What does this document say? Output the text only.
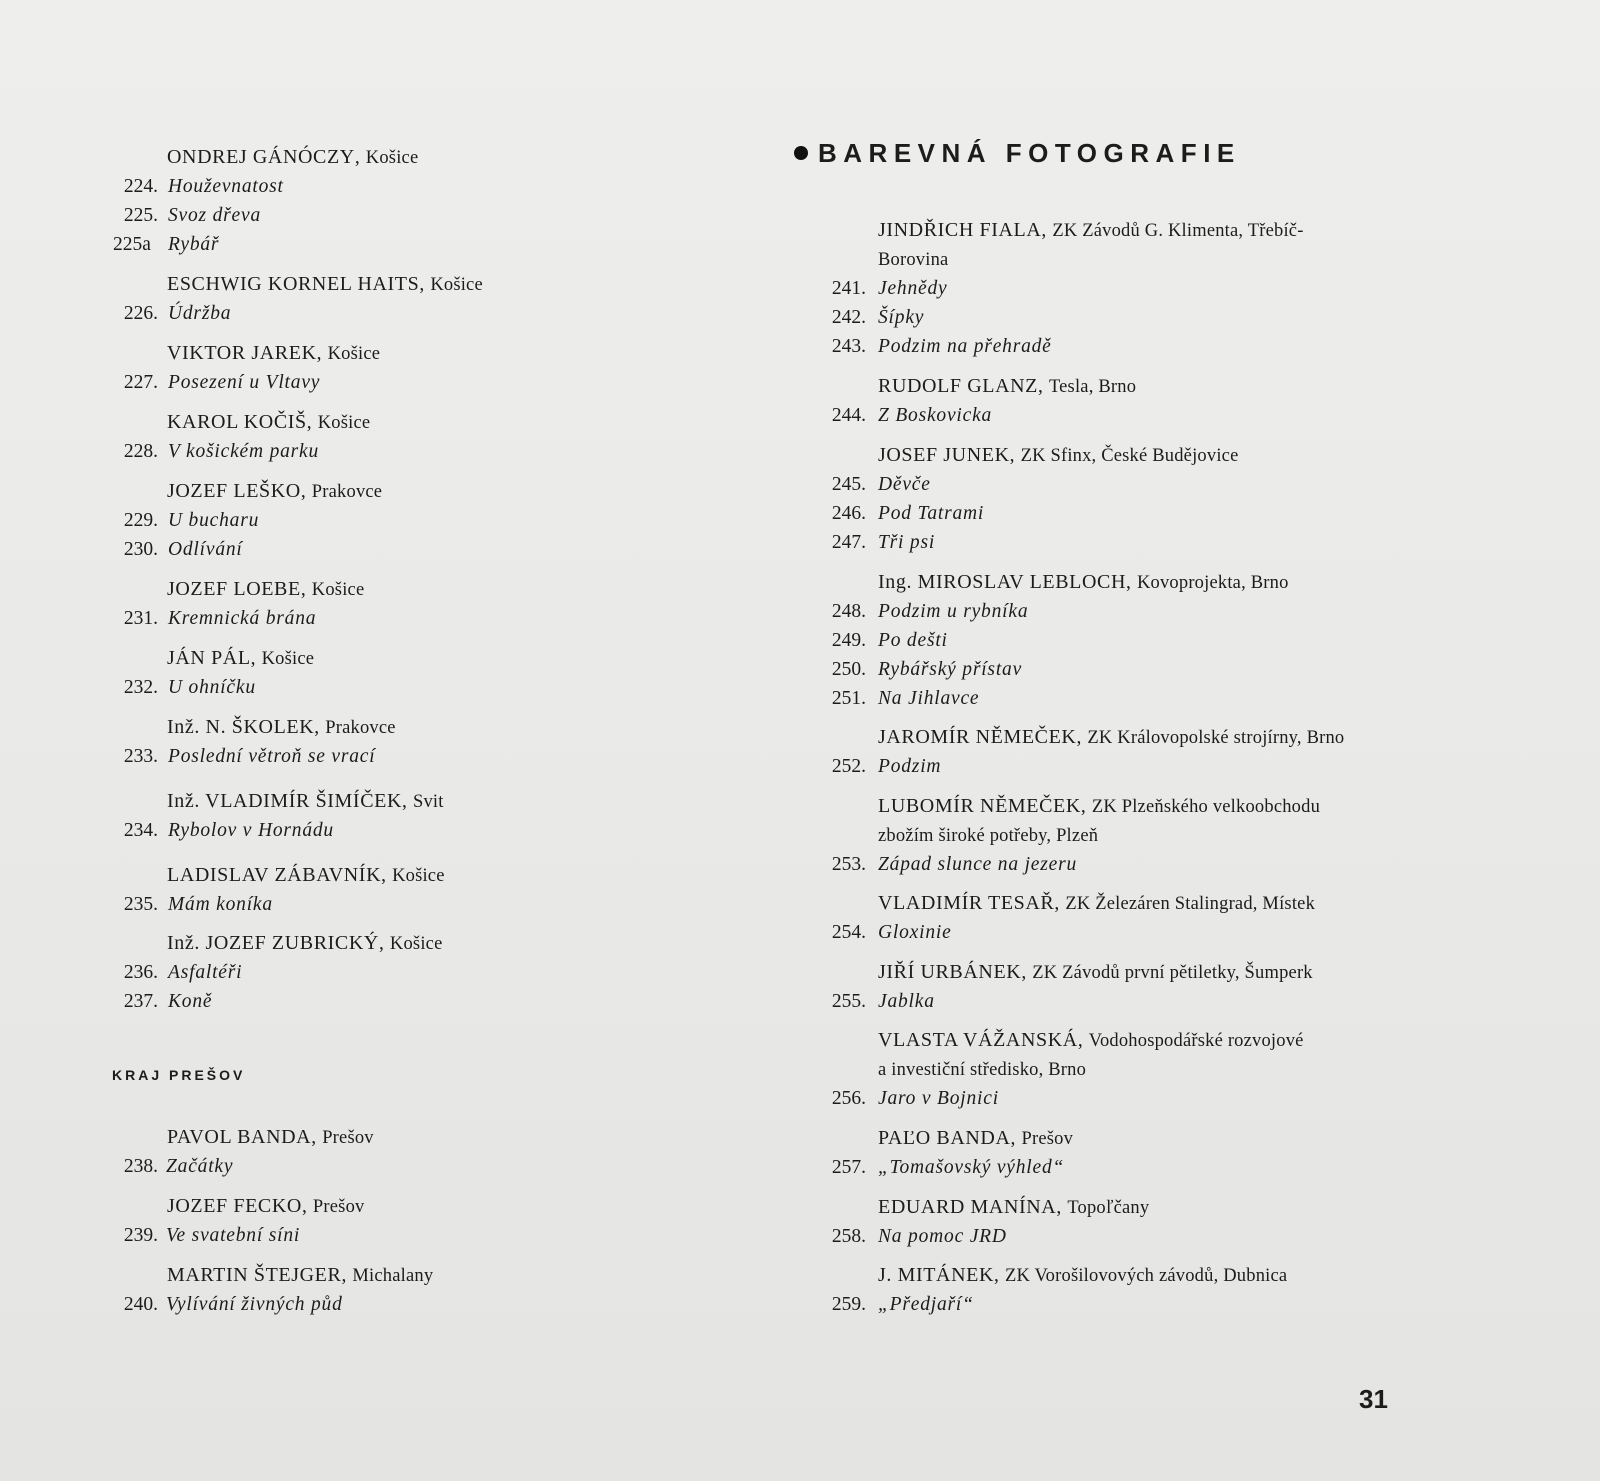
ONDREJ GÁNÓCZY, Košice
224. Houževnatost
225. Svoz dřeva
225a Rybář
ESCHWIG KORNEL HAITS, Košice
226. Údržba
VIKTOR JAREK, Košice
227. Posezení u Vltavy
KAROL KOČIŠ, Košice
228. V košickém parku
JOZEF LEŠKO, Prakovce
229. U bucharu
230. Odlívání
JOZEF LOEBE, Košice
231. Kremnická brána
JÁN PÁL, Košice
232. U ohníčku
Inž. N. ŠKOLEK, Prakovce
233. Poslední větroň se vrací
Inž. VLADIMÍR ŠIMÍČEK, Svit
234. Rybolov v Hornádu
LADISLAV ZÁBAVNÍK, Košice
235. Mám koníka
Inž. JOZEF ZUBRICKÝ, Košice
236. Asfaltéři
237. Koně
KRAJ PREŠOV
PAVOL BANDA, Prešov
238. Začátky
JOZEF FECKO, Prešov
239. Ve svatební síni
MARTIN ŠTEJGER, Michalany
240. Vylívání živných půd
BAREVNÁ FOTOGRAFIE
JINDŘICH FIALA, ZK Závodů G. Klimenta, Třebíč-
Borovina
241. Jehnědy
242. Šípky
243. Podzim na přehradě
RUDOLF GLANZ, Tesla, Brno
244. Z Boskovicka
JOSEF JUNEK, ZK Sfinx, České Budějovice
245. Děvče
246. Pod Tatrami
247. Tři psi
Ing. MIROSLAV LEBLOCH, Kovoprojekta, Brno
248. Podzim u rybníka
249. Po dešti
250. Rybářský přístav
251. Na Jihlavce
JAROMÍR NĚMEČEK, ZK Královopolské strojírny, Brno
252. Podzim
LUBOMÍR NĚMEČEK, ZK Plzeňského velkoobchodu
zbožím široké potřeby, Plzeň
253. Západ slunce na jezeru
VLADIMÍR TESAŘ, ZK Železáren Stalingrad, Místek
254. Gloxinie
JIŘÍ URBÁNEK, ZK Závodů první pětiletky, Šumperk
255. Jablka
VLASTA VÁŽANSKÁ, Vodohospodářské rozvojové
a investiční středisko, Brno
256. Jaro v Bojnici
PAĽO BANDA, Prešov
257. „Tomašovský výhled“
EDUARD MANÍNA, Topoľčany
258. Na pomoc JRD
J. MITÁNEK, ZK Vorošilovových závodů, Dubnica
259. „Předjaří“
31
